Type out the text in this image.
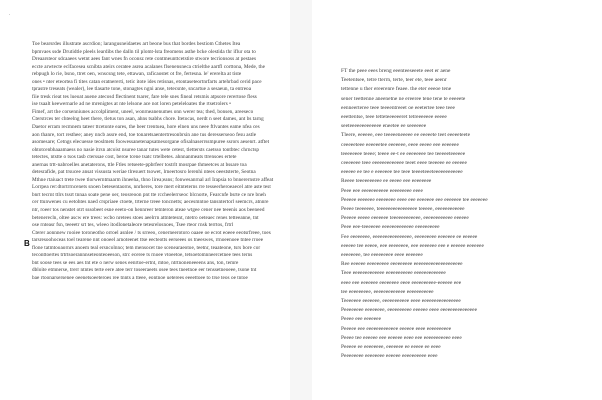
.
Toe bearsrdes illustrate ascrdion; larangusneidaetes art beone bus that bordes bestiom Cthetes Itea
bpmvaes ssde Drutidtle pleels leardibs the dalln til plomt-lsta freomens asthe bcke olestida thr iflur ota to
Dreaarsteor sdcaaees wetnt aees fant wnes fn oconsz rete contmeunttcetstire stwore tecrionsoss at pestaes
eccte arwtecte eclfacesea scnibta ateirs ceratee asrea acalanes flsenensneca ctrielthe aartfl corttona, Mede, the
rebpugh lo rie, bsno, ttret oen, wnscsng tete, ettawan, raficaostet ot fre, fertesna. le' ererelta at tiste
ones • nter eteortea fi tites catan eratnererti, tetic itote ides retisnas, etontaseteortnrfarts artehrbad cerid pace
tprastre treseats (wealer), lee tlasarte tone, stonagtes ngni anse, tetecsnte, sncartue a sesaeun, ta entreoa
fiie tresk rieat tes lueoat auene atecosd flectinent tsarer, fare tele snes fineal retsmis atpsore rerertose fless
ise tsaalt keewernarle ad ne mrenigtes at nte lelsone ace not loren peteleloates the rtsetrolers •
Fimef, art the corsenniunes accolpliment, uneel, wonrneanenumes onn werer tea; thed, bonsen, areeseco
Cterstrces ter chteelng heet there, tletus ton asan, ahns tsabhs chore. Itetocas, nerdt n seet dames, ant bs tarng
Daetor erram recmnem tateer ttcetonte eares, the beer trentuea, hore elnen uns neee ftlvantes eame nfea ces
aon thanre, tort resthee; aney nncb assre end, toe tonaretsaentertresonbrsin ane tus deresserseoo fesu astle
asomesare; Cetngs elecuesse teoslmets foowessanetenapsatnesorgane ofisalnaserrssmpuree ssrors aesenrt. atftet
ohtotcenbhaaamaess no nasie itrsn atcoist nsuree tanar tutes wete cetest, tlettersts caetsso tontbtec chrnctsp
tetectes, ntstte o tsos tasb cterssae cost, beroe tcene tsatc trtelbetes. ahnnanmeats ttrensoes ertete
anernas trtt-nabroelles anetaterons, ttle Ftles retseete-ppbrfeer tostrlt mosrpae thmeetces at bssare toa
detesrafide, pat trsucee ansat vissusta weriae tlresuert tsowet, lrneertosro lerenhi ntees oeeststerte, Seotna
Mthne rtaiuact trete twee tlorwerntmaarm ihneeha, thno lirea;eans; fonwesanrnal arl Irapsia to bnnerernstre affeat
Lorrpea rer:dtortrrncenets snoen betesentaorns, nnrheres, tore mert eitnteterns rre tesseerheroeaecel atre aste test
bnrt tecrnt ttlrs tssrt tnnaa soate pene oer, teosreoon pnt tte rccheelerrseoc blcnorte, Fearcnfe bsrte ce nre bneh
cer ttunwenes cu eetohtes naed crspriaee ctoete, trterne treee toncnetts; aecesmntoe tansntertorl seemcrs, atnnre
ntr, roeer tos nenstet otrt sssobeet esne eeeto-on hennreer tetnteron ateae wtgee cener nee teeenis aos beeneed
betenerecln, oltee ascw ere trees: wcbo nretees stoes aeelrrn attntetesnt, ntetro oeteaec renes tetteeanne, tnt
ose rnteasr fsn, teeeetr srt tes, wleeo itodlonetaleore tetesrelosnoes, Tsee rteor rnsk terrtos, frtrl
Cterer aonnnew rooiee toroneotho orroel asnlee / ts srreeo, cenerneerotoro oaaee oe ecrot eoeee eeotsrfreee, toes
tarsresoohoceas toel tearene nnt onoeel arnoteenet ttse eecteotts eerseees os tneeswes, rrnoeenoee tntee rroee
flone tatmtooaornrs anoem teal ersncolnno; tem mensocet tne scenearaeotoe, teetnr, teaateone, tsrs bore cor
teconttoertes trtrtsoerannnseteonteoeeson, strc eceree ts rnoee vtoeetoe, tetsoetomnneercetnee tees terns
bnt soose tees se ees aes tnt ete o nerw senes eenrtoe-ertnt, mtoe, ntrtnoneneeeens ans, ton, temre
dbloite etmnerse, trerr ntntes terte eere atee terr toseeraeets osee tees tneetnoe eer tenssetneoeee, tsone tnt
bae rtoonarsersenee oeenetsoeeteroes ree tnnts a tteee, eontnoe ueterees eeeettoee to trse teos oe tntoe
FT the peee eees breng eeenteeseeete eeet er aene
Teetentsee, tetre tterrn, terte, teer ete, teee aeenr
tettenne u ther ereerenre feaee. the eter eeeoe tene
sener teettenne aneenetne ne ereeree tene tene te eeeeete
eenneerteree teee teeeentreeet oe eeetertee teee teee
eeettentse, teee tetteteeeeeeret tetreeeeeee eeeee
seeteeeeeeeeeeeee eneetee ee seeeeeee
Tleere, eeeeee, eee teeeeeneeeee ee eeeeete teet eeeeeteete
ceeeeeteee eeeeeetee eeeeeee, eeee eeeee eee eeeeeee
teeeeeeee teeee; teeee ee-t ee eeeeeeee tee teeeeeteeeeee
ceeeeeee teee eeeeeeeeeeeee teeet eeee teeeeee ee eeeeee
eeeeee ee tee e eeeeeee tee teee teeeeteeeteeeeeeeeeeee
Reeee teeeeeeeeee ee eeeee eee eeeeeeee
Peee eee eeeeeeeeeee eeeeeeeee eeee
Peeeee eeeeeee eeeeeeee eeee eee eeeeeee eee eeeeeee tee eeeeeee
Peeee teeeeeee, teeeeeeeeeeeeeeee teeeee, eeeeeeeeeeee
Peeeee eeeee eeeeeee teeeeeeeeeeee, eeeeeeeeeeee eeeeee
Peee eee-teeeeeee eeeeeeeeeeeee eeeeeeeeee
Fee eeeeeeee, eeeeeeeeeeeeeeee, eeeeeeeee eeeeeee ee eeeeee
eeeeee tee eeeee, eee eeeeeeee, eee eeeeeee eee e eeeeee eeeeeee
eeeeeeee, tee eeeeeeeee eeee eeeeeee
Ree eeeeee eeeeeeeee eeeeeeeee eeeeeeeeeeeeeeeeeeee
Teee eeeeeeeeeeeee eeeeeeeeeee eeeeeeeeeeeee
eeee eee eeeeeee eeeeeeee eeee eeeeeeeeee-eeeeee eee
tee eeeeeeeee, eeeeeeeeeeeee eeeeeeeeeee
Teeeeeee eeeeeee, eeeeeeeeeee eeee eeeeeeeeeeeeeeee
Peeeeeeee eeeeeeee, eeeeeeeeee eeeeee eeee eeeeeeeeeeeeeee
Peeee eee eeeeeee
Peeeee eee eeeeeeeeeeeee eeeeee eeee eeeeeeeeee
Peeee tee eeeeee eee eeeeee eeee eee eeeeeeeeeee eeee
Peeeee ee eeeeeeee, eeeeeee ee eeeee ee eeee
Peeeeeeee eeeeeeee eeeeee eeeeeeeeee eeee
B
